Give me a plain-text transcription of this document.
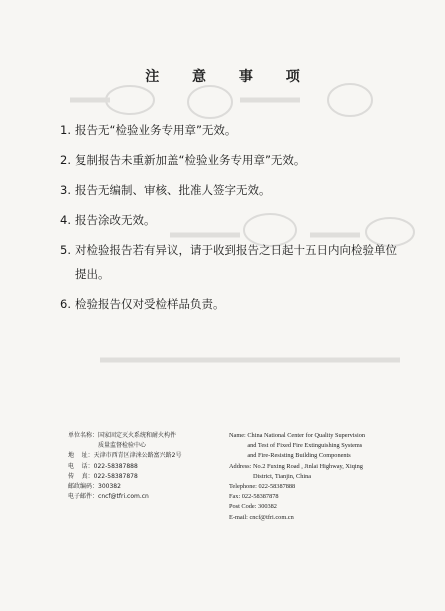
注 意 事 项
1. 报告无“检验业务专用章”无效。
2. 复制报告未重新加盖“检验业务专用章”无效。
3. 报告无编制、审核、批准人签字无效。
4. 报告涂改无效。
5. 对检验报告若有异议，请于收到报告之日起十五日内向检验单位提出。
6. 检验报告仅对受检样品负责。
单位名称： 国家固定灭火系统和耐火构件
质量监督检验中心
地    址： 天津市西青区津涞公路富兴路2号
电    话： 022-58387888
传    真： 022-58387878
邮政编码： 300382
电子邮件： cncf@tfri.com.cn
Name: China National Center for Quality Supervision
and Test of Fixed Fire Extinguishing Systems
and Fire-Resisting Building Components
Address: No.2 Fuxing Road , Jinlai Highway, Xiqing
District, Tianjin, China
Telephone: 022-58387888
Fax: 022-58387878
Post Code: 300382
E-mail: cncf@tfri.com.cn
